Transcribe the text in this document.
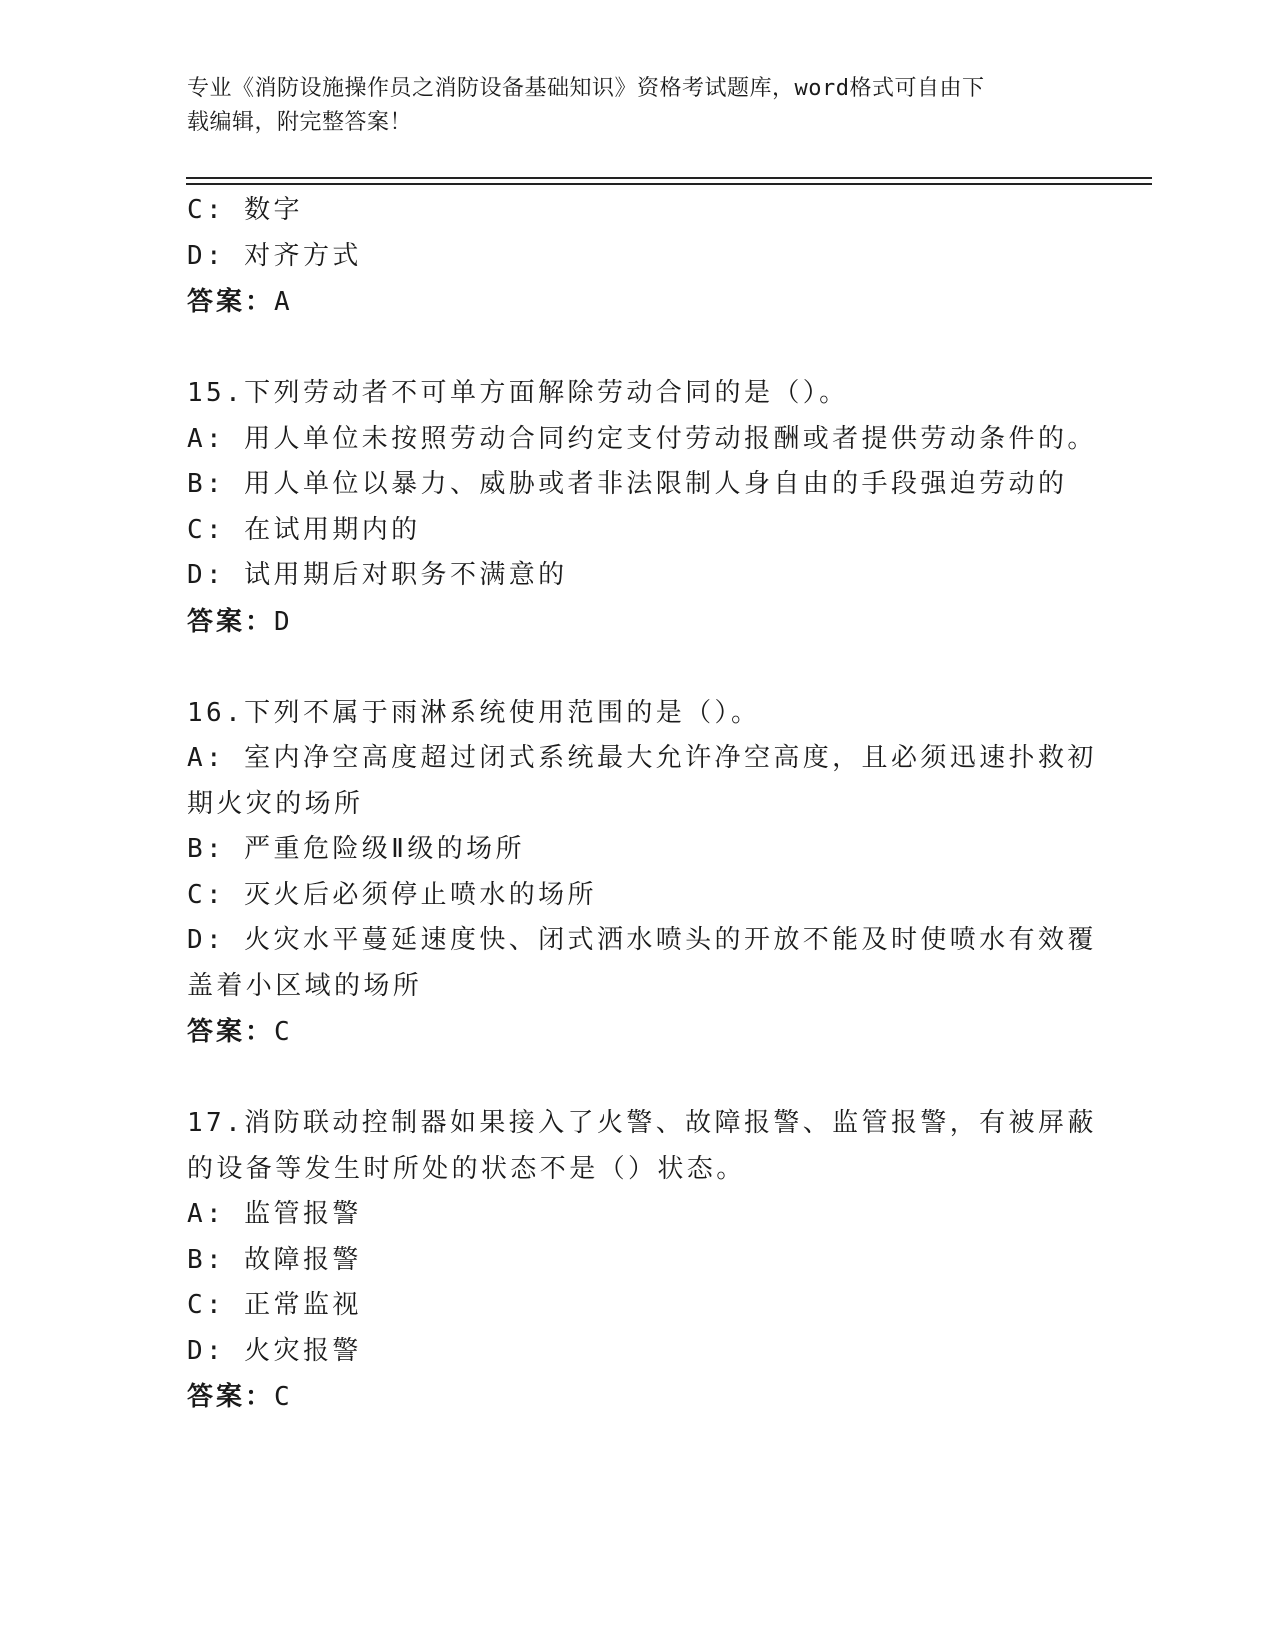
专业《消防设施操作员之消防设备基础知识》资格考试题库，word格式可自由下
载编辑，附完整答案！
C: 数字
D: 对齐方式
答案：A
15.下列劳动者不可单方面解除劳动合同的是（）。
A: 用人单位未按照劳动合同约定支付劳动报酬或者提供劳动条件的。
B: 用人单位以暴力、威胁或者非法限制人身自由的手段强迫劳动的
C: 在试用期内的
D: 试用期后对职务不满意的
答案：D
16.下列不属于雨淋系统使用范围的是（）。
A: 室内净空高度超过闭式系统最大允许净空高度，且必须迅速扑救初
期火灾的场所
B: 严重危险级Ⅱ级的场所
C: 灭火后必须停止喷水的场所
D: 火灾水平蔓延速度快、闭式洒水喷头的开放不能及时使喷水有效覆
盖着小区域的场所
答案：C
17.消防联动控制器如果接入了火警、故障报警、监管报警，有被屏蔽
的设备等发生时所处的状态不是（）状态。
A: 监管报警
B: 故障报警
C: 正常监视
D: 火灾报警
答案：C
